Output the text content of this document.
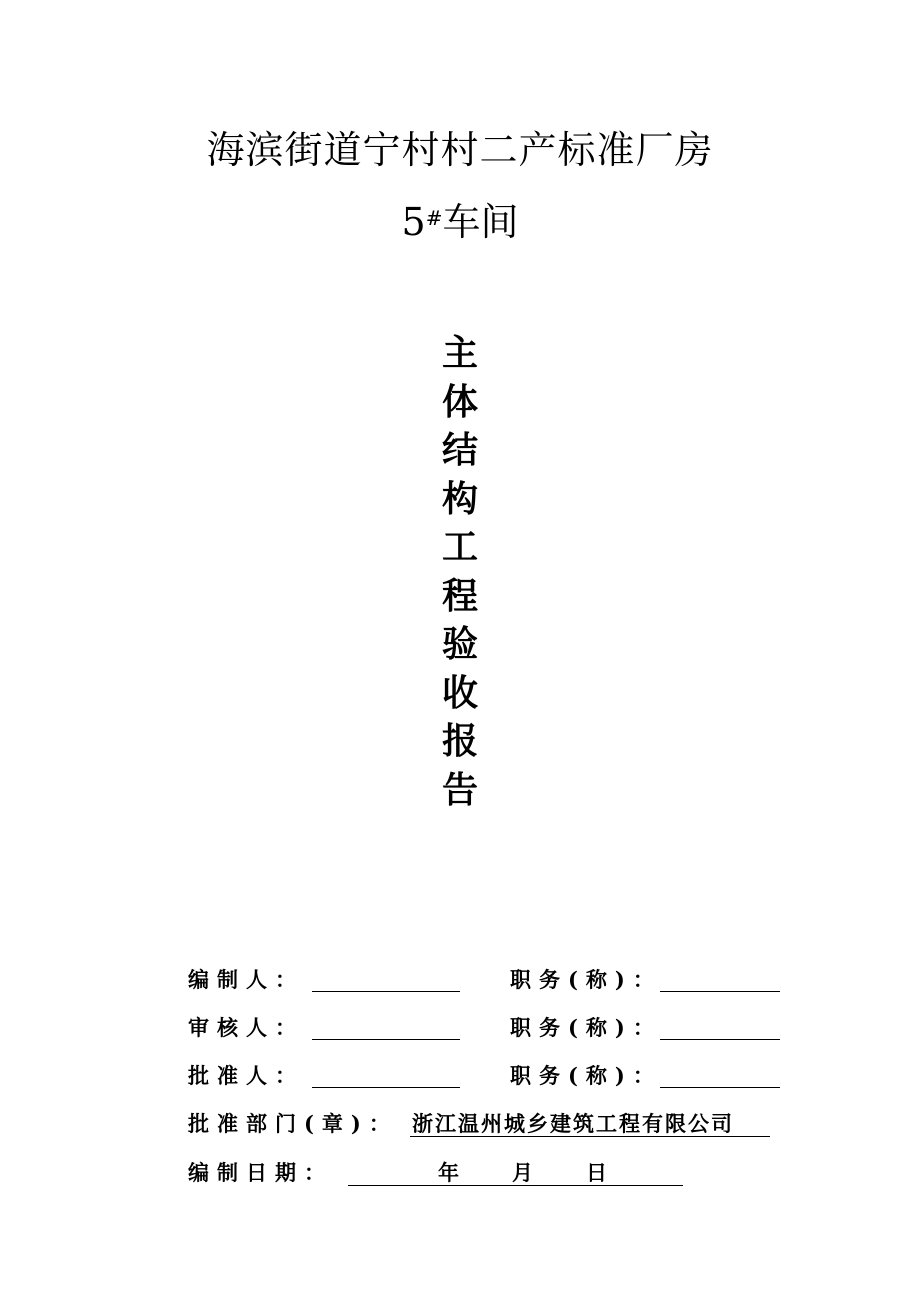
海滨街道宁村村二产标准厂房
5#车间
主
体
结
构
工
程
验
收
报
告
编制人：	职务(称)：
审核人：	职务(称)：
批准人：	职务(称)：
批准部门(章)： 浙江温州城乡建筑工程有限公司
编制日期：	年	月	日
